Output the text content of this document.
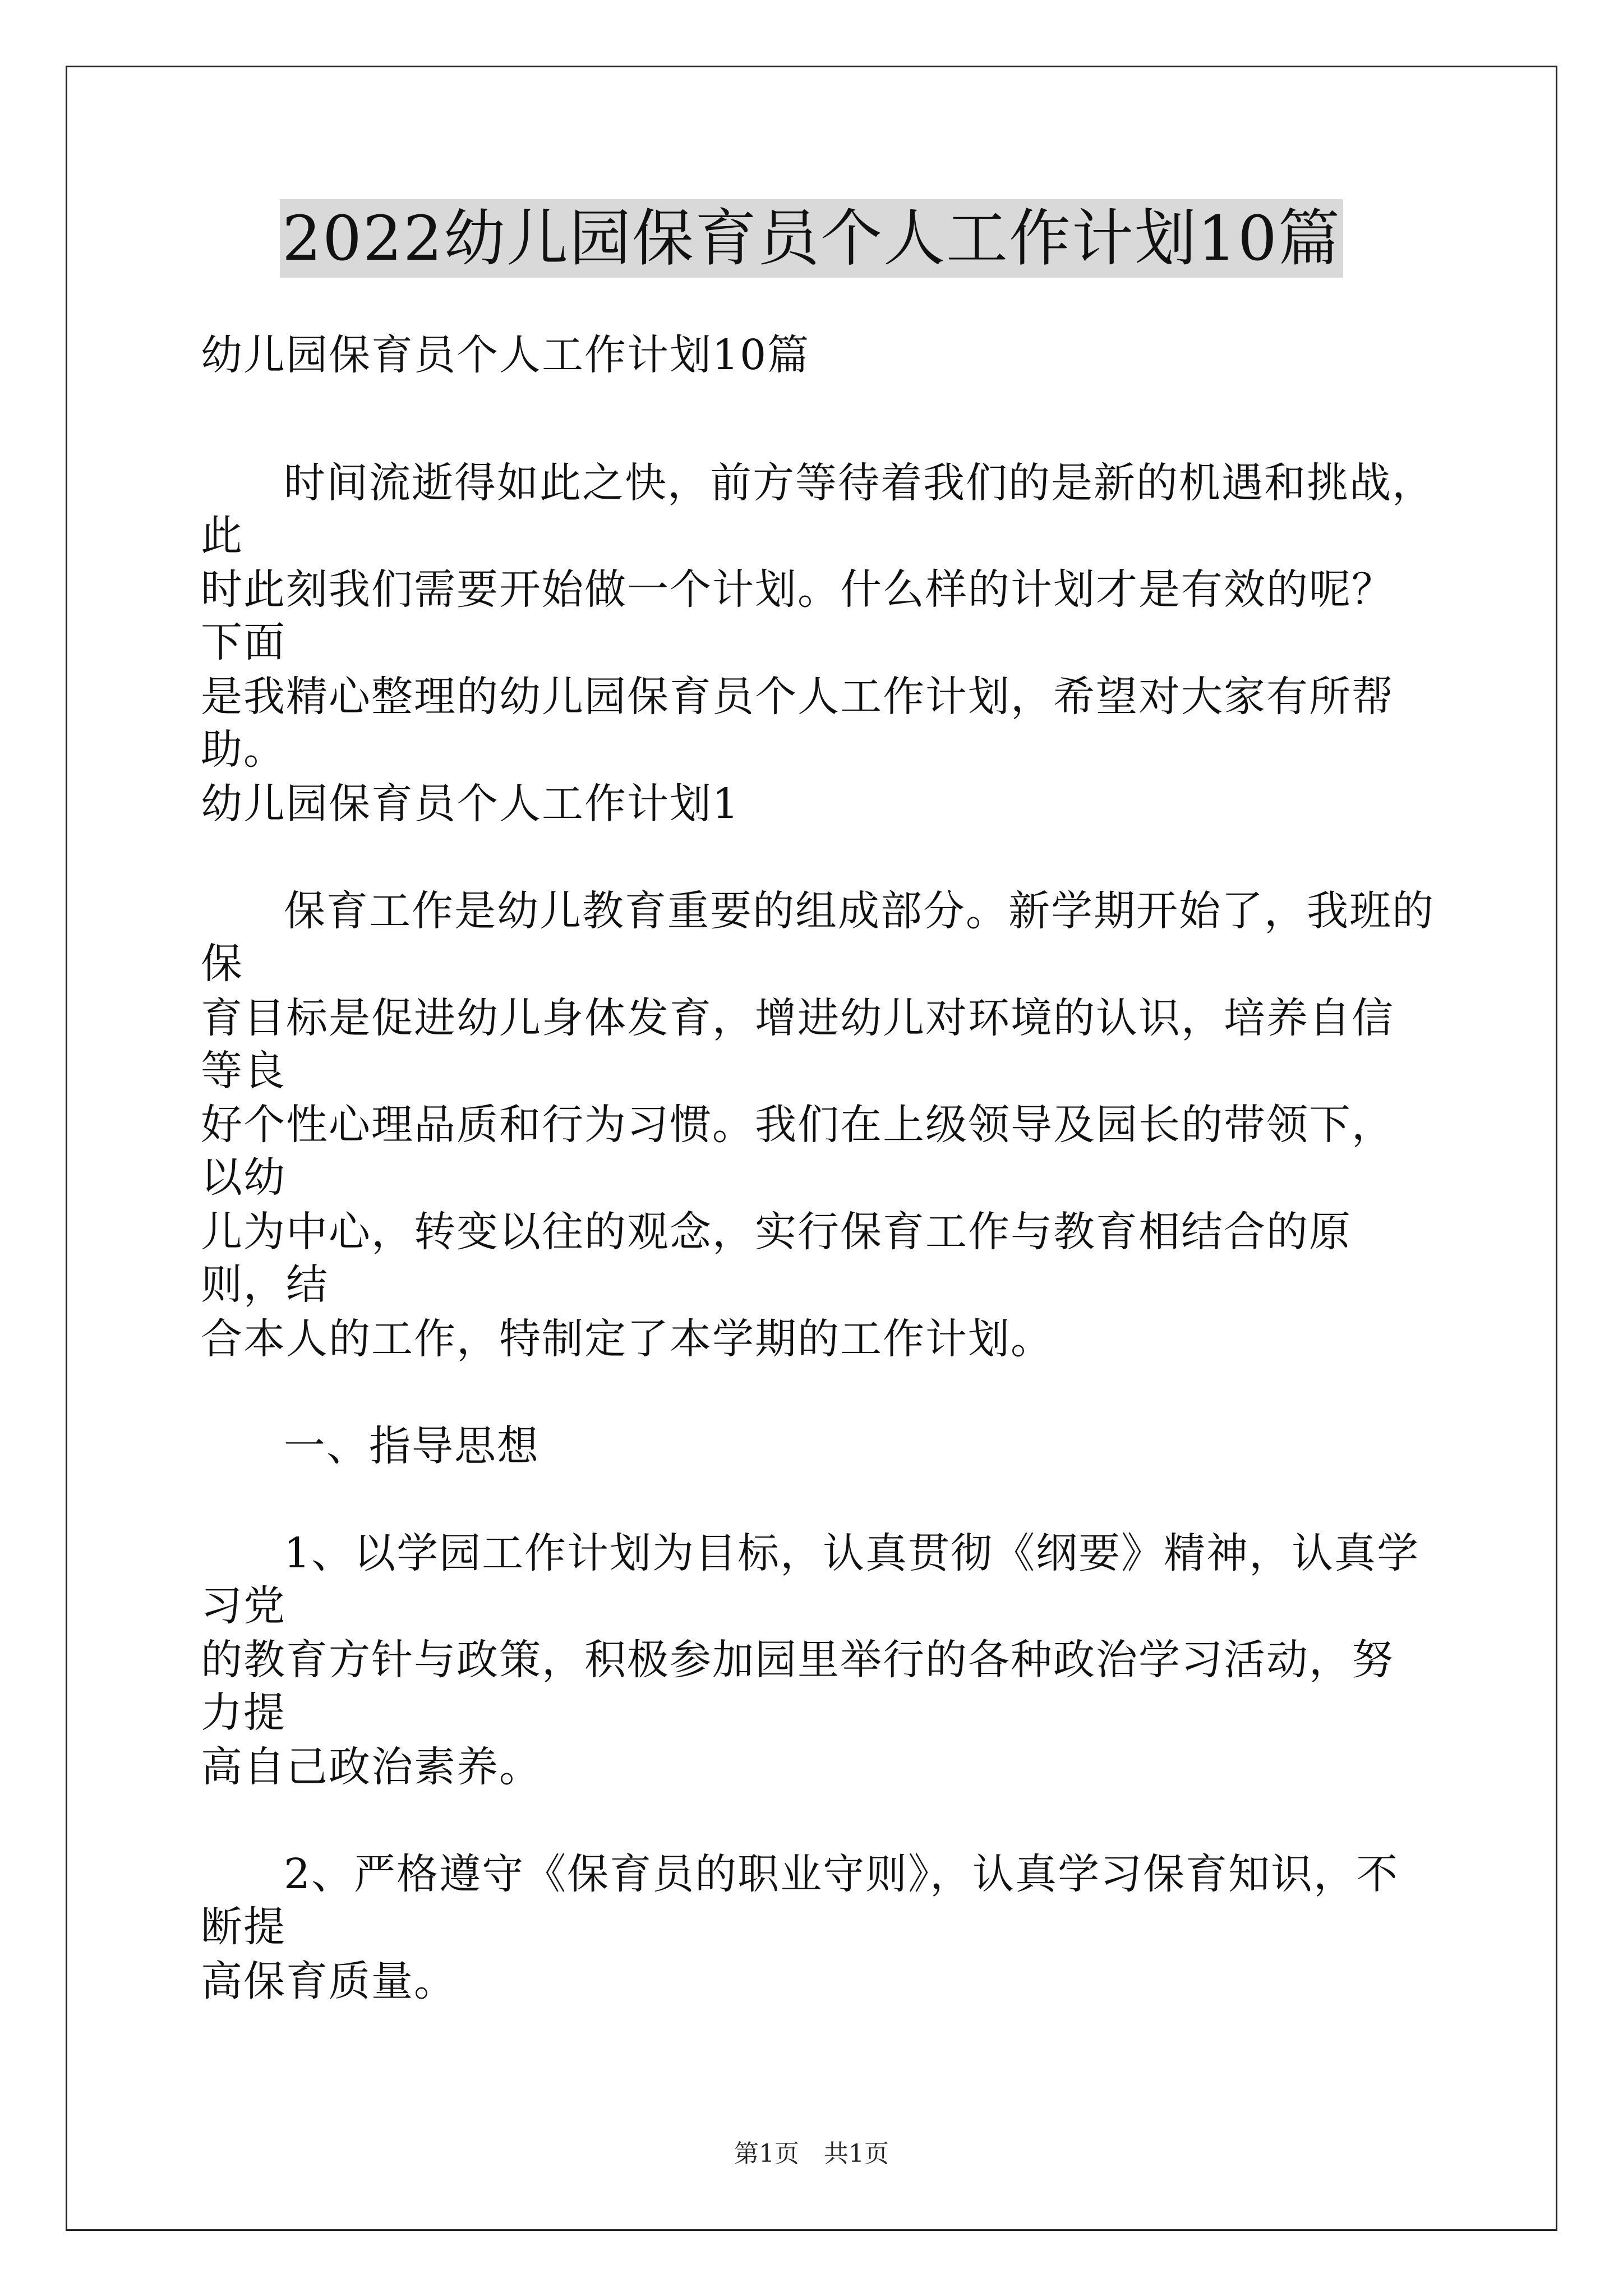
2022幼儿园保育员个人工作计划10篇

幼儿园保育员个人工作计划10篇

时间流逝得如此之快，前方等待着我们的是新的机遇和挑战，此

时此刻我们需要开始做一个计划。什么样的计划才是有效的呢？下面

是我精心整理的幼儿园保育员个人工作计划，希望对大家有所帮助。

幼儿园保育员个人工作计划1

保育工作是幼儿教育重要的组成部分。新学期开始了，我班的保

育目标是促进幼儿身体发育，增进幼儿对环境的认识，培养自信等良

好个性心理品质和行为习惯。我们在上级领导及园长的带领下，以幼

儿为中心，转变以往的观念，实行保育工作与教育相结合的原则，结

合本人的工作，特制定了本学期的工作计划。

一、指导思想

1、以学园工作计划为目标，认真贯彻《纲要》精神，认真学习党

的教育方针与政策，积极参加园里举行的各种政治学习活动，努力提

高自己政治素养。

2、严格遵守《保育员的职业守则》，认真学习保育知识，不断提

高保育质量。

第1页　共1页
